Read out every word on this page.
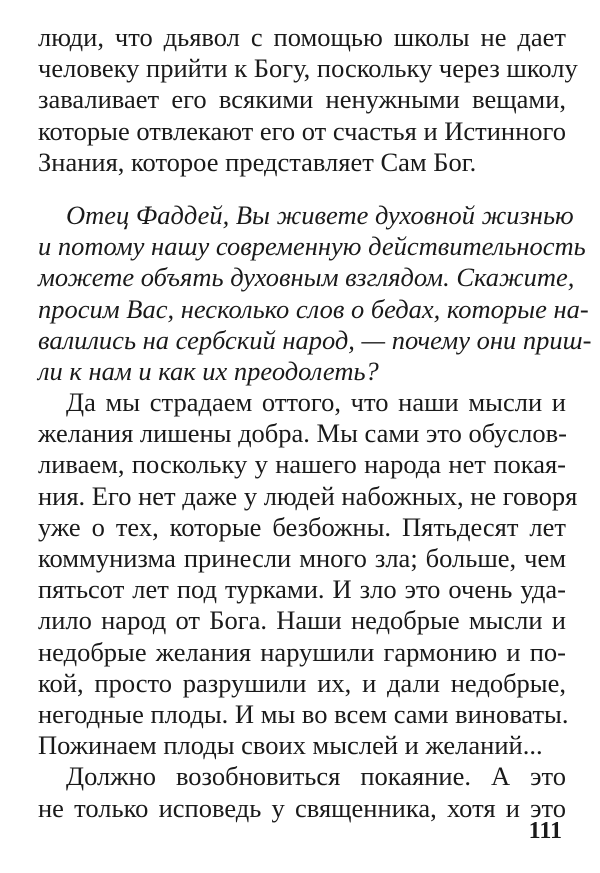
люди, что дьявол с помощью школы не дает
человеку прийти к Богу, поскольку через школу
заваливает его всякими ненужными вещами,
которые отвлекают его от счастья и Истинного
Знания, которое представляет Сам Бог.
Отец Фаддей, Вы живете духовной жизнью
и потому нашу современную действительность
можете объять духовным взглядом. Скажите,
просим Вас, несколько слов о бедах, которые на-
валились на сербский народ, — почему они приш-
ли к нам и как их преодолеть?
Да мы страдаем оттого, что наши мысли и
желания лишены добра. Мы сами это обуслов-
ливаем, поскольку у нашего народа нет покая-
ния. Его нет даже у людей набожных, не говоря
уже о тех, которые безбожны. Пятьдесят лет
коммунизма принесли много зла; больше, чем
пятьсот лет под турками. И зло это очень уда-
лило народ от Бога. Наши недобрые мысли и
недобрые желания нарушили гармонию и по-
кой, просто разрушили их, и дали недобрые,
негодные плоды. И мы во всем сами виноваты.
Пожинаем плоды своих мыслей и желаний...
Должно возобновиться покаяние. А это
не только исповедь у священника, хотя и это
111
